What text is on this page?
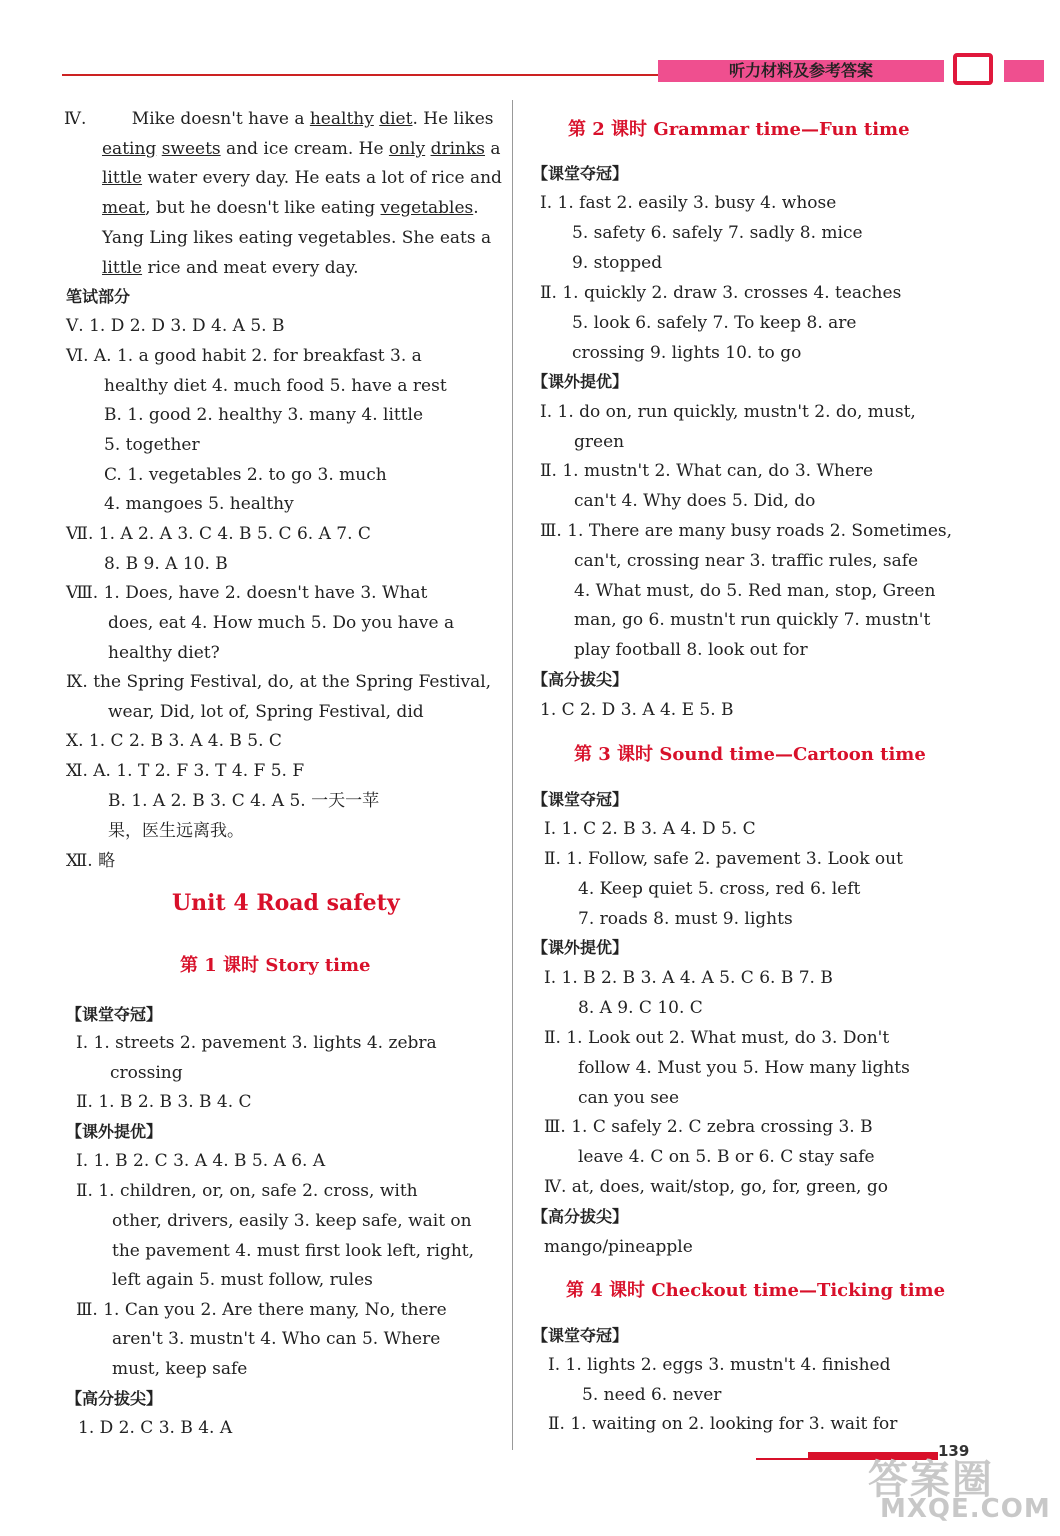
听力材料及参考答案
Ⅳ.	Mike doesn't have a healthy diet. He likes
eating sweets and ice cream. He only drinks a
little water every day. He eats a lot of rice and
meat, but he doesn't like eating vegetables.
Yang Ling likes eating vegetables. She eats a
little rice and meat every day.
笔试部分
Ⅴ. 1. D 2. D 3. D 4. A 5. B
Ⅵ. A. 1. a good habit 2. for breakfast 3. a
healthy diet 4. much food 5. have a rest
B. 1. good 2. healthy 3. many 4. little
5. together
C. 1. vegetables 2. to go 3. much
4. mangoes 5. healthy
Ⅶ. 1. A 2. A 3. C 4. B 5. C 6. A 7. C
8. B 9. A 10. B
Ⅷ. 1. Does, have 2. doesn't have 3. What
does, eat 4. How much 5. Do you have a
healthy diet?
Ⅸ. the Spring Festival, do, at the Spring Festival,
wear, Did, lot of, Spring Festival, did
Ⅹ. 1. C 2. B 3. A 4. B 5. C
Ⅺ. A. 1. T 2. F 3. T 4. F 5. F
B. 1. A 2. B 3. C 4. A 5. 一天一苹
果，医生远离我。
Ⅻ. 略
Unit 4 Road safety
第 1 课时 Story time
【课堂夺冠】
Ⅰ. 1. streets 2. pavement 3. lights 4. zebra
crossing
Ⅱ. 1. B 2. B 3. B 4. C
【课外提优】
Ⅰ. 1. B 2. C 3. A 4. B 5. A 6. A
Ⅱ. 1. children, or, on, safe 2. cross, with
other, drivers, easily 3. keep safe, wait on
the pavement 4. must first look left, right,
left again 5. must follow, rules
Ⅲ. 1. Can you 2. Are there many, No, there
aren't 3. mustn't 4. Who can 5. Where
must, keep safe
【高分拔尖】
1. D 2. C 3. B 4. A
第 2 课时 Grammar time—Fun time
【课堂夺冠】
Ⅰ. 1. fast 2. easily 3. busy 4. whose
5. safety 6. safely 7. sadly 8. mice
9. stopped
Ⅱ. 1. quickly 2. draw 3. crosses 4. teaches
5. look 6. safely 7. To keep 8. are
crossing 9. lights 10. to go
【课外提优】
Ⅰ. 1. do on, run quickly, mustn't 2. do, must,
green
Ⅱ. 1. mustn't 2. What can, do 3. Where
can't 4. Why does 5. Did, do
Ⅲ. 1. There are many busy roads 2. Sometimes,
can't, crossing near 3. traffic rules, safe
4. What must, do 5. Red man, stop, Green
man, go 6. mustn't run quickly 7. mustn't
play football 8. look out for
【高分拔尖】
1. C 2. D 3. A 4. E 5. B
第 3 课时 Sound time—Cartoon time
【课堂夺冠】
Ⅰ. 1. C 2. B 3. A 4. D 5. C
Ⅱ. 1. Follow, safe 2. pavement 3. Look out
4. Keep quiet 5. cross, red 6. left
7. roads 8. must 9. lights
【课外提优】
Ⅰ. 1. B 2. B 3. A 4. A 5. C 6. B 7. B
8. A 9. C 10. C
Ⅱ. 1. Look out 2. What must, do 3. Don't
follow 4. Must you 5. How many lights
can you see
Ⅲ. 1. C safely 2. C zebra crossing 3. B
leave 4. C on 5. B or 6. C stay safe
Ⅳ. at, does, wait/stop, go, for, green, go
【高分拔尖】
mango/pineapple
第 4 课时 Checkout time—Ticking time
【课堂夺冠】
Ⅰ. 1. lights 2. eggs 3. mustn't 4. finished
5. need 6. never
Ⅱ. 1. waiting on 2. looking for 3. wait for
139
答案圈
MXQE.COM
